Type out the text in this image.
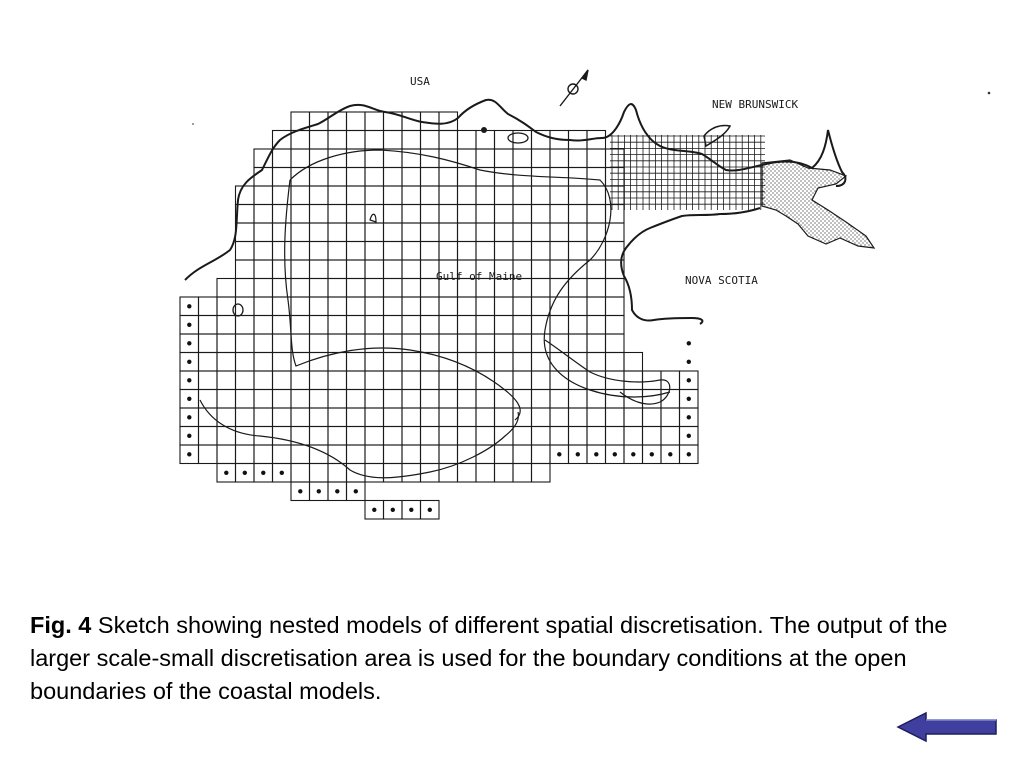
USA
NEW BRUNSWICK
Gulf of Maine	NOVA SCOTIA
Fig. 4 Sketch showing nested models of different spatial discretisation. The output of the larger scale-small discretisation area is used for the boundary conditions at the open boundaries of the coastal models.
